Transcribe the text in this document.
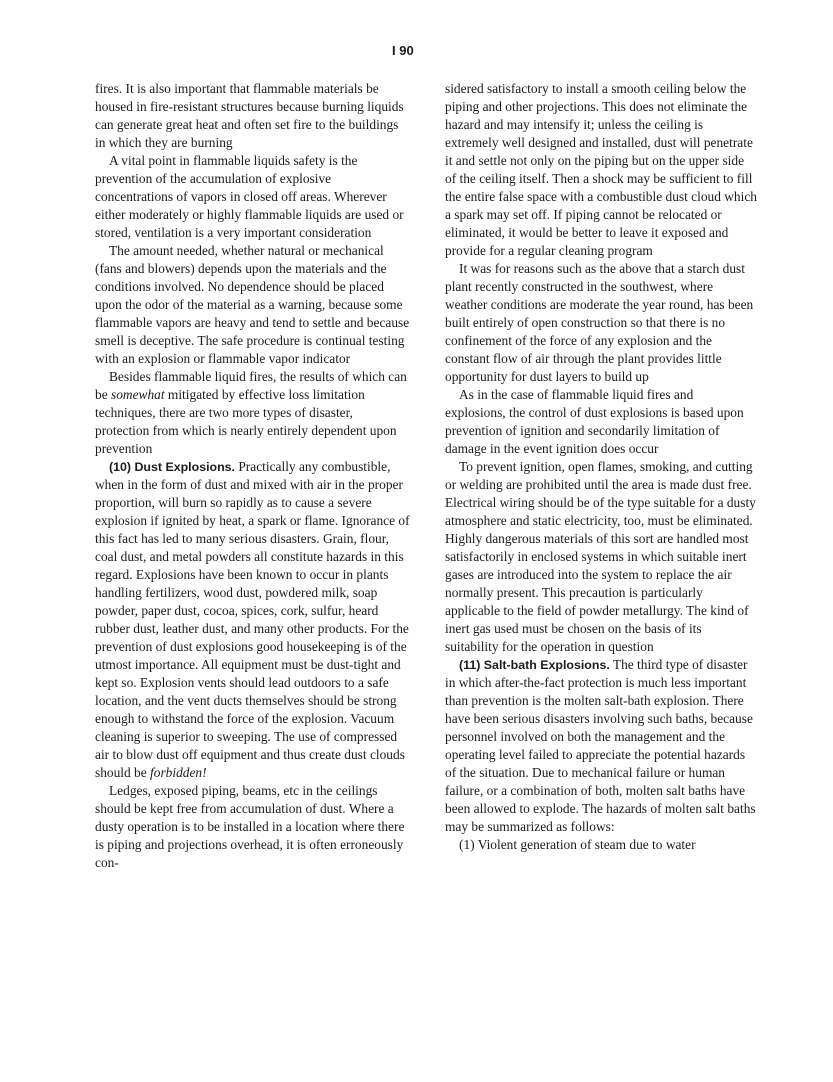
I 90

fires. It is also important that flammable materials be housed in fire-resistant structures because burning liquids can generate great heat and often set fire to the buildings in which they are burning

A vital point in flammable liquids safety is the prevention of the accumulation of explosive concentrations of vapors in closed off areas. Wherever either moderately or highly flammable liquids are used or stored, ventilation is a very important consideration

The amount needed, whether natural or mechanical (fans and blowers) depends upon the materials and the conditions involved. No dependence should be placed upon the odor of the material as a warning, because some flammable vapors are heavy and tend to settle and because smell is deceptive. The safe procedure is continual testing with an explosion or flammable vapor indicator

Besides flammable liquid fires, the results of which can be somewhat mitigated by effective loss limitation techniques, there are two more types of disaster, protection from which is nearly entirely dependent upon prevention

(10) Dust Explosions. Practically any combustible, when in the form of dust and mixed with air in the proper proportion, will burn so rapidly as to cause a severe explosion if ignited by heat, a spark or flame. Ignorance of this fact has led to many serious disasters. Grain, flour, coal dust, and metal powders all constitute hazards in this regard. Explosions have been known to occur in plants handling fertilizers, wood dust, powdered milk, soap powder, paper dust, cocoa, spices, cork, sulfur, heard rubber dust, leather dust, and many other products. For the prevention of dust explosions good housekeeping is of the utmost importance. All equipment must be dust-tight and kept so. Explosion vents should lead outdoors to a safe location, and the vent ducts themselves should be strong enough to withstand the force of the explosion. Vacuum cleaning is superior to sweeping. The use of compressed air to blow dust off equipment and thus create dust clouds should be forbidden!

Ledges, exposed piping, beams, etc in the ceilings should be kept free from accumulation of dust. Where a dusty operation is to be installed in a location where there is piping and projections overhead, it is often erroneously con-

sidered satisfactory to install a smooth ceiling below the piping and other projections. This does not eliminate the hazard and may intensify it; unless the ceiling is extremely well designed and installed, dust will penetrate it and settle not only on the piping but on the upper side of the ceiling itself. Then a shock may be sufficient to fill the entire false space with a combustible dust cloud which a spark may set off. If piping cannot be relocated or eliminated, it would be better to leave it exposed and provide for a regular cleaning program

It was for reasons such as the above that a starch dust plant recently constructed in the southwest, where weather conditions are moderate the year round, has been built entirely of open construction so that there is no confinement of the force of any explosion and the constant flow of air through the plant provides little opportunity for dust layers to build up

As in the case of flammable liquid fires and explosions, the control of dust explosions is based upon prevention of ignition and secondarily limitation of damage in the event ignition does occur

To prevent ignition, open flames, smoking, and cutting or welding are prohibited until the area is made dust free. Electrical wiring should be of the type suitable for a dusty atmosphere and static electricity, too, must be eliminated. Highly dangerous materials of this sort are handled most satisfactorily in enclosed systems in which suitable inert gases are introduced into the system to replace the air normally present. This precaution is particularly applicable to the field of powder metallurgy. The kind of inert gas used must be chosen on the basis of its suitability for the operation in question

(11) Salt-bath Explosions. The third type of disaster in which after-the-fact protection is much less important than prevention is the molten salt-bath explosion. There have been serious disasters involving such baths, because personnel involved on both the management and the operating level failed to appreciate the potential hazards of the situation. Due to mechanical failure or human failure, or a combination of both, molten salt baths have been allowed to explode. The hazards of molten salt baths may be summarized as follows:

(1) Violent generation of steam due to water
